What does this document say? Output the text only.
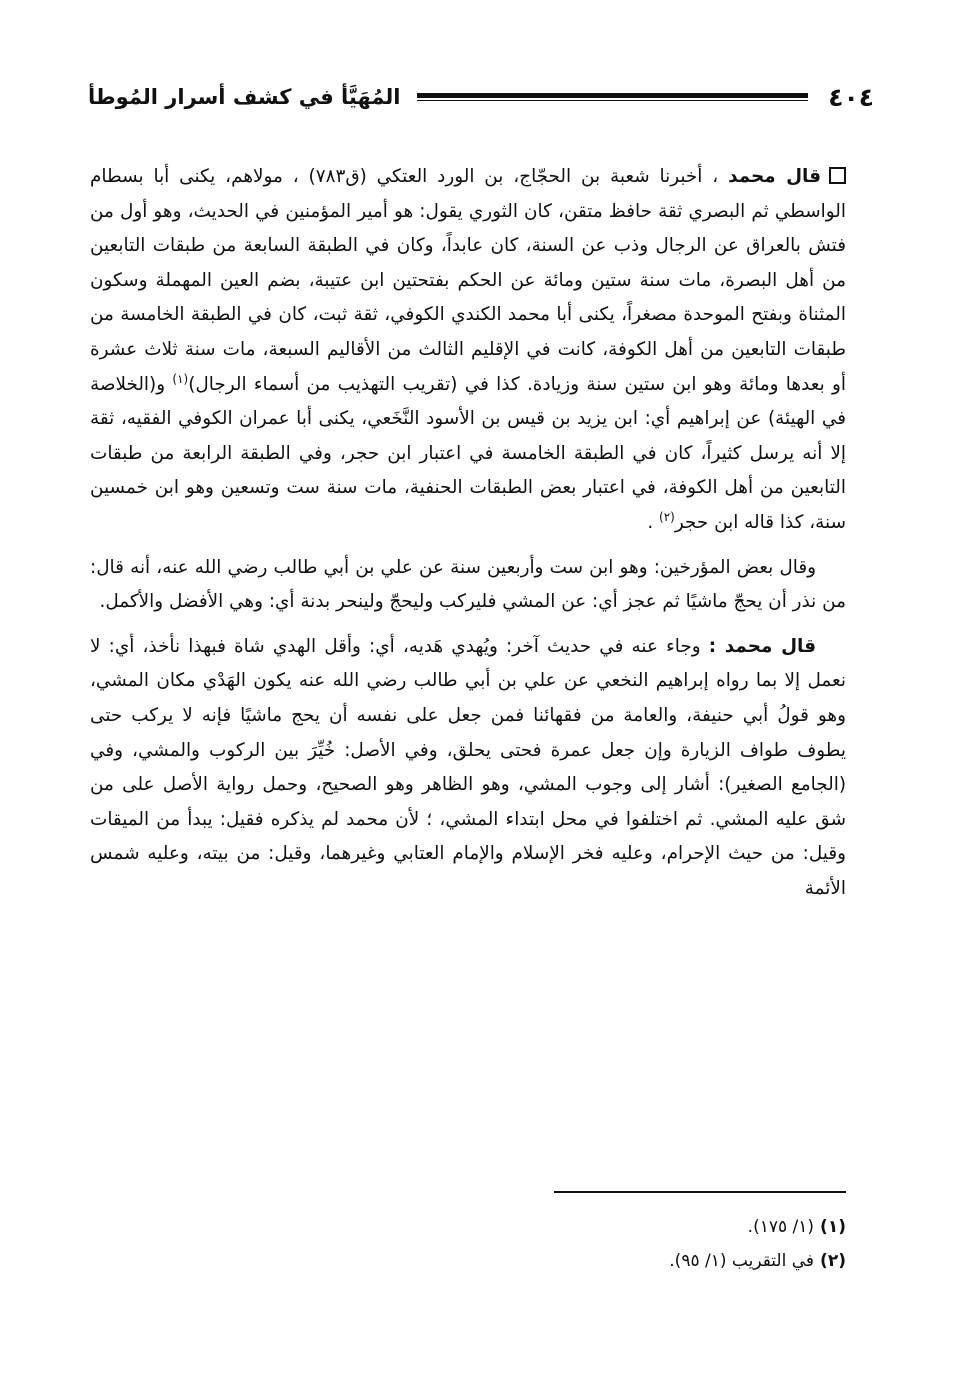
٤٠٤
المُهَيَّأ في كشف أسرار المُوطأ

قال محمد ، أخبرنا شعبة بن الحجّاج، بن الورد العتكي (ق٧٨٣) ، مولاهم، يكنى أبا بسطام الواسطي ثم البصري ثقة حافظ متقن، كان الثوري يقول: هو أمير المؤمنين في الحديث، وهو أول من فتش بالعراق عن الرجال وذب عن السنة، كان عابداً، وكان في الطبقة السابعة من طبقات التابعين من أهل البصرة، مات سنة ستين ومائة عن الحكم بفتحتين ابن عتيبة، بضم العين المهملة وسكون المثناة وبفتح الموحدة مصغراً، يكنى أبا محمد الكندي الكوفي، ثقة ثبت، كان في الطبقة الخامسة من طبقات التابعين من أهل الكوفة، كانت في الإقليم الثالث من الأقاليم السبعة، مات سنة ثلاث عشرة أو بعدها ومائة وهو ابن ستين سنة وزيادة. كذا في (تقريب التهذيب من أسماء الرجال)$^{(١)}$ و(الخلاصة في الهيئة) عن إبراهيم أي: ابن يزيد بن قيس بن الأسود النَّخَعي، يكنى أبا عمران الكوفي الفقيه، ثقة إلا أنه يرسل كثيراً، كان في الطبقة الخامسة في اعتبار ابن حجر، وفي الطبقة الرابعة من طبقات التابعين من أهل الكوفة، في اعتبار بعض الطبقات الحنفية، مات سنة ست وتسعين وهو ابن خمسين سنة، كذا قاله ابن حجر$^{(٢)}$ .

وقال بعض المؤرخين: وهو ابن ست وأربعين سنة عن علي بن أبي طالب رضي الله عنه، أنه قال: من نذر أن يحجّ ماشيًا ثم عجز أي: عن المشي فليركب وليحجّ ولينحر بدنة أي: وهي الأفضل والأكمل.

قال محمد : وجاء عنه في حديث آخر: ويُهدي هَديه، أي: وأقل الهدي شاة فبهذا نأخذ، أي: لا نعمل إلا بما رواه إبراهيم النخعي عن علي بن أبي طالب رضي الله عنه يكون الهَدْي مكان المشي، وهو قولُ أبي حنيفة، والعامة من فقهائنا فمن جعل على نفسه أن يحج ماشيًا فإنه لا يركب حتى يطوف طواف الزيارة وإن جعل عمرة فحتى يحلق، وفي الأصل: خُيِّرَ بين الركوب والمشي، وفي (الجامع الصغير): أشار إلى وجوب المشي، وهو الظاهر وهو الصحيح، وحمل رواية الأصل على من شق عليه المشي. ثم اختلفوا في محل ابتداء المشي، ؛ لأن محمد لم يذكره فقيل: يبدأ من الميقات وقيل: من حيث الإحرام، وعليه فخر الإسلام والإمام العتابي وغيرهما، وقيل: من بيته، وعليه شمس الأئمة

(١)(١/ ١٧٥).
(٢)في التقريب (١/ ٩٥).
